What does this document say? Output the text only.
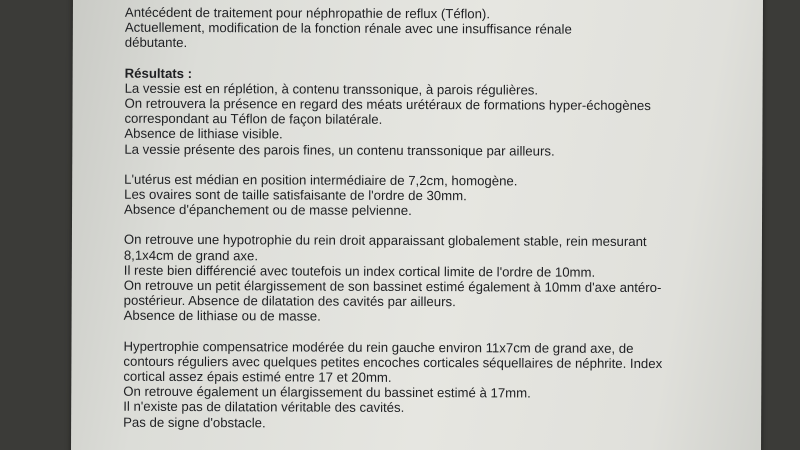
Antécédent de traitement pour néphropathie de reflux (Téflon).
Actuellement, modification de la fonction rénale avec une insuffisance rénale
débutante.
Résultats :
La vessie est en réplétion, à contenu transsonique, à parois régulières.
On retrouvera la présence en regard des méats urétéraux de formations hyper-échogènes
correspondant au Téflon de façon bilatérale.
Absence de lithiase visible.
La vessie présente des parois fines, un contenu transsonique par ailleurs.
L'utérus est médian en position intermédiaire de 7,2cm, homogène.
Les ovaires sont de taille satisfaisante de l'ordre de 30mm.
Absence d'épanchement ou de masse pelvienne.
On retrouve une hypotrophie du rein droit apparaissant globalement stable, rein mesurant
8,1x4cm de grand axe.
Il reste bien différencié avec toutefois un index cortical limite de l'ordre de 10mm.
On retrouve un petit élargissement de son bassinet estimé également à 10mm d'axe antéro-
postérieur. Absence de dilatation des cavités par ailleurs.
Absence de lithiase ou de masse.
Hypertrophie compensatrice modérée du rein gauche environ 11x7cm de grand axe, de
contours réguliers avec quelques petites encoches corticales séquellaires de néphrite. Index
cortical assez épais estimé entre 17 et 20mm.
On retrouve également un élargissement du bassinet estimé à 17mm.
Il n'existe pas de dilatation véritable des cavités.
Pas de signe d'obstacle.
